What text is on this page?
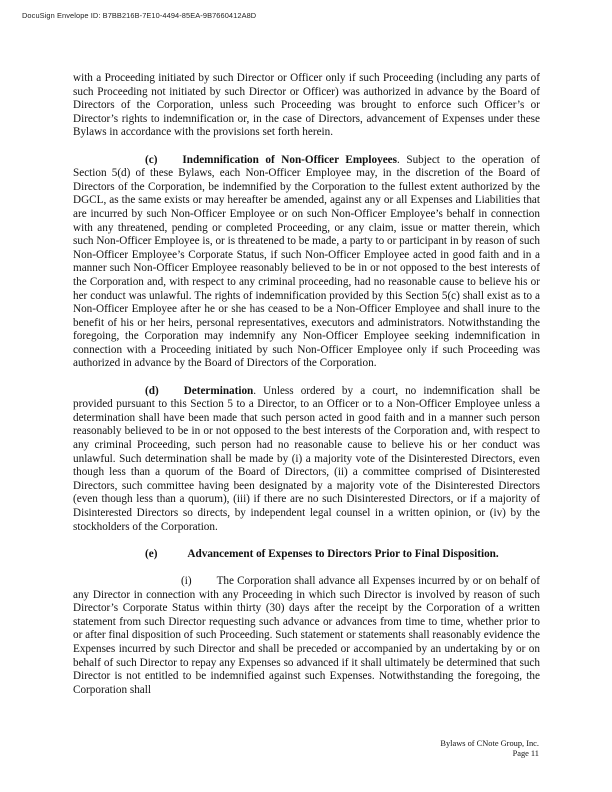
DocuSign Envelope ID: B7BB216B-7E10-4494-85EA-9B7660412A8D

with a Proceeding initiated by such Director or Officer only if such Proceeding (including any parts of such Proceeding not initiated by such Director or Officer) was authorized in advance by the Board of Directors of the Corporation, unless such Proceeding was brought to enforce such Officer’s or Director’s rights to indemnification or, in the case of Directors, advancement of Expenses under these Bylaws in accordance with the provisions set forth herein.

(c) Indemnification of Non-Officer Employees. Subject to the operation of Section 5(d) of these Bylaws, each Non-Officer Employee may, in the discretion of the Board of Directors of the Corporation, be indemnified by the Corporation to the fullest extent authorized by the DGCL, as the same exists or may hereafter be amended, against any or all Expenses and Liabilities that are incurred by such Non-Officer Employee or on such Non-Officer Employee’s behalf in connection with any threatened, pending or completed Proceeding, or any claim, issue or matter therein, which such Non-Officer Employee is, or is threatened to be made, a party to or participant in by reason of such Non-Officer Employee’s Corporate Status, if such Non-Officer Employee acted in good faith and in a manner such Non-Officer Employee reasonably believed to be in or not opposed to the best interests of the Corporation and, with respect to any criminal proceeding, had no reasonable cause to believe his or her conduct was unlawful. The rights of indemnification provided by this Section 5(c) shall exist as to a Non-Officer Employee after he or she has ceased to be a Non-Officer Employee and shall inure to the benefit of his or her heirs, personal representatives, executors and administrators. Notwithstanding the foregoing, the Corporation may indemnify any Non-Officer Employee seeking indemnification in connection with a Proceeding initiated by such Non-Officer Employee only if such Proceeding was authorized in advance by the Board of Directors of the Corporation.

(d) Determination. Unless ordered by a court, no indemnification shall be provided pursuant to this Section 5 to a Director, to an Officer or to a Non-Officer Employee unless a determination shall have been made that such person acted in good faith and in a manner such person reasonably believed to be in or not opposed to the best interests of the Corporation and, with respect to any criminal Proceeding, such person had no reasonable cause to believe his or her conduct was unlawful. Such determination shall be made by (i) a majority vote of the Disinterested Directors, even though less than a quorum of the Board of Directors, (ii) a committee comprised of Disinterested Directors, such committee having been designated by a majority vote of the Disinterested Directors (even though less than a quorum), (iii) if there are no such Disinterested Directors, or if a majority of Disinterested Directors so directs, by independent legal counsel in a written opinion, or (iv) by the stockholders of the Corporation.

(e)	Advancement of Expenses to Directors Prior to Final Disposition.

(i) The Corporation shall advance all Expenses incurred by or on behalf of any Director in connection with any Proceeding in which such Director is involved by reason of such Director’s Corporate Status within thirty (30) days after the receipt by the Corporation of a written statement from such Director requesting such advance or advances from time to time, whether prior to or after final disposition of such Proceeding. Such statement or statements shall reasonably evidence the Expenses incurred by such Director and shall be preceded or accompanied by an undertaking by or on behalf of such Director to repay any Expenses so advanced if it shall ultimately be determined that such Director is not entitled to be indemnified against such Expenses. Notwithstanding the foregoing, the Corporation shall

Bylaws of CNote Group, Inc.
Page 11
